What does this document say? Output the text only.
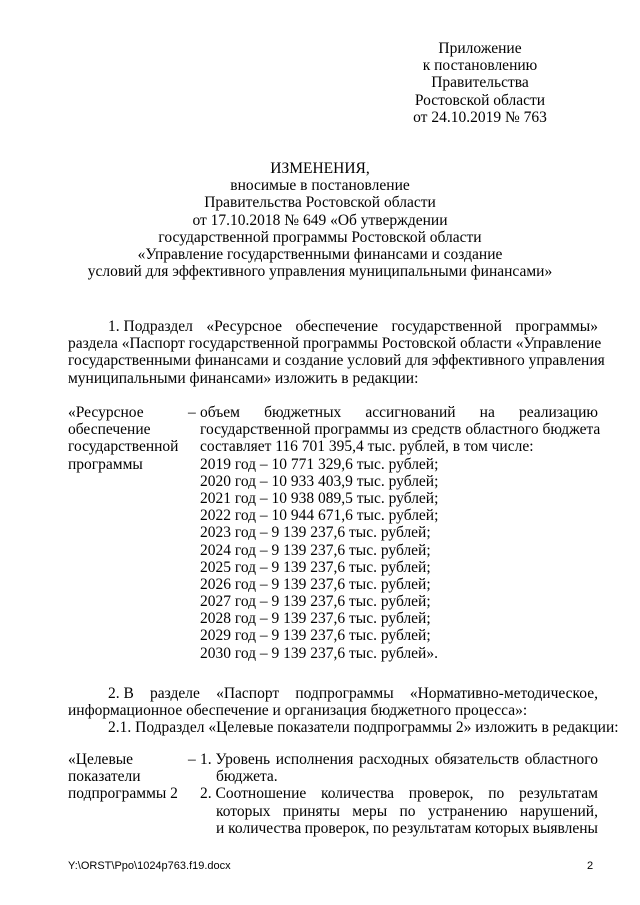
Приложение
к постановлению
Правительства
Ростовской области
от 24.10.2019 № 763
ИЗМЕНЕНИЯ,
вносимые в постановление
Правительства Ростовской области
от 17.10.2018 № 649 «Об утверждении
государственной программы Ростовской области
«Управление государственными финансами и создание
условий для эффективного управления муниципальными финансами»
1. Подраздел «Ресурсное обеспечение государственной программы»
раздела «Паспорт государственной программы Ростовской области «Управление
государственными финансами и создание условий для эффективного управления
муниципальными финансами» изложить в редакции:
«Ресурсное
обеспечение
государственной
программы
– объем бюджетных ассигнований на реализацию
государственной программы из средств областного бюджета
составляет 116 701 395,4 тыс. рублей, в том числе:
2019 год – 10 771 329,6 тыс. рублей;
2020 год – 10 933 403,9 тыс. рублей;
2021 год – 10 938 089,5 тыс. рублей;
2022 год – 10 944 671,6 тыс. рублей;
2023 год – 9 139 237,6 тыс. рублей;
2024 год – 9 139 237,6 тыс. рублей;
2025 год – 9 139 237,6 тыс. рублей;
2026 год – 9 139 237,6 тыс. рублей;
2027 год – 9 139 237,6 тыс. рублей;
2028 год – 9 139 237,6 тыс. рублей;
2029 год – 9 139 237,6 тыс. рублей;
2030 год – 9 139 237,6 тыс. рублей».
2. В разделе «Паспорт подпрограммы «Нормативно-методическое,
информационное обеспечение и организация бюджетного процесса»:
2.1. Подраздел «Целевые показатели подпрограммы 2» изложить в редакции:
«Целевые
показатели
подпрограммы 2
– 1. Уровень исполнения расходных обязательств областного
бюджета.
2. Соотношение количества проверок, по результатам
которых приняты меры по устранению нарушений,
и количества проверок, по результатам которых выявлены
Y:\ORST\Ppo\1024p763.f19.docx	2
